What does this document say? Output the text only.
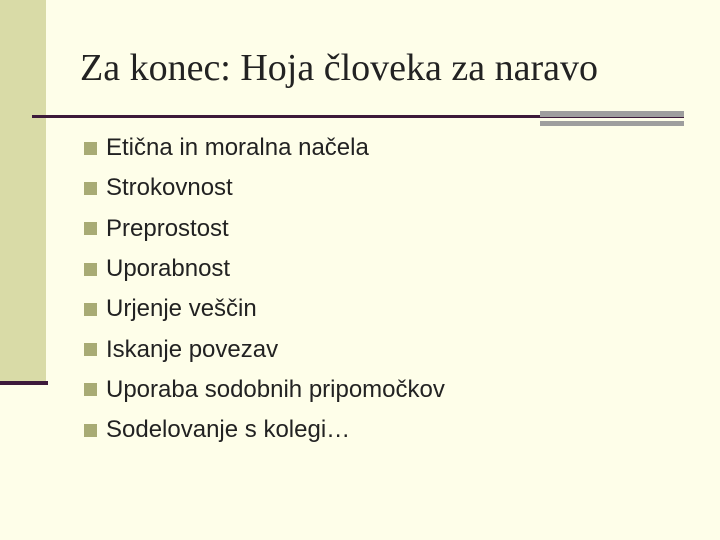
Za konec: Hoja človeka za naravo
Etična in moralna načela
Strokovnost
Preprostost
Uporabnost
Urjenje veščin
Iskanje povezav
Uporaba sodobnih pripomočkov
Sodelovanje s kolegi…
